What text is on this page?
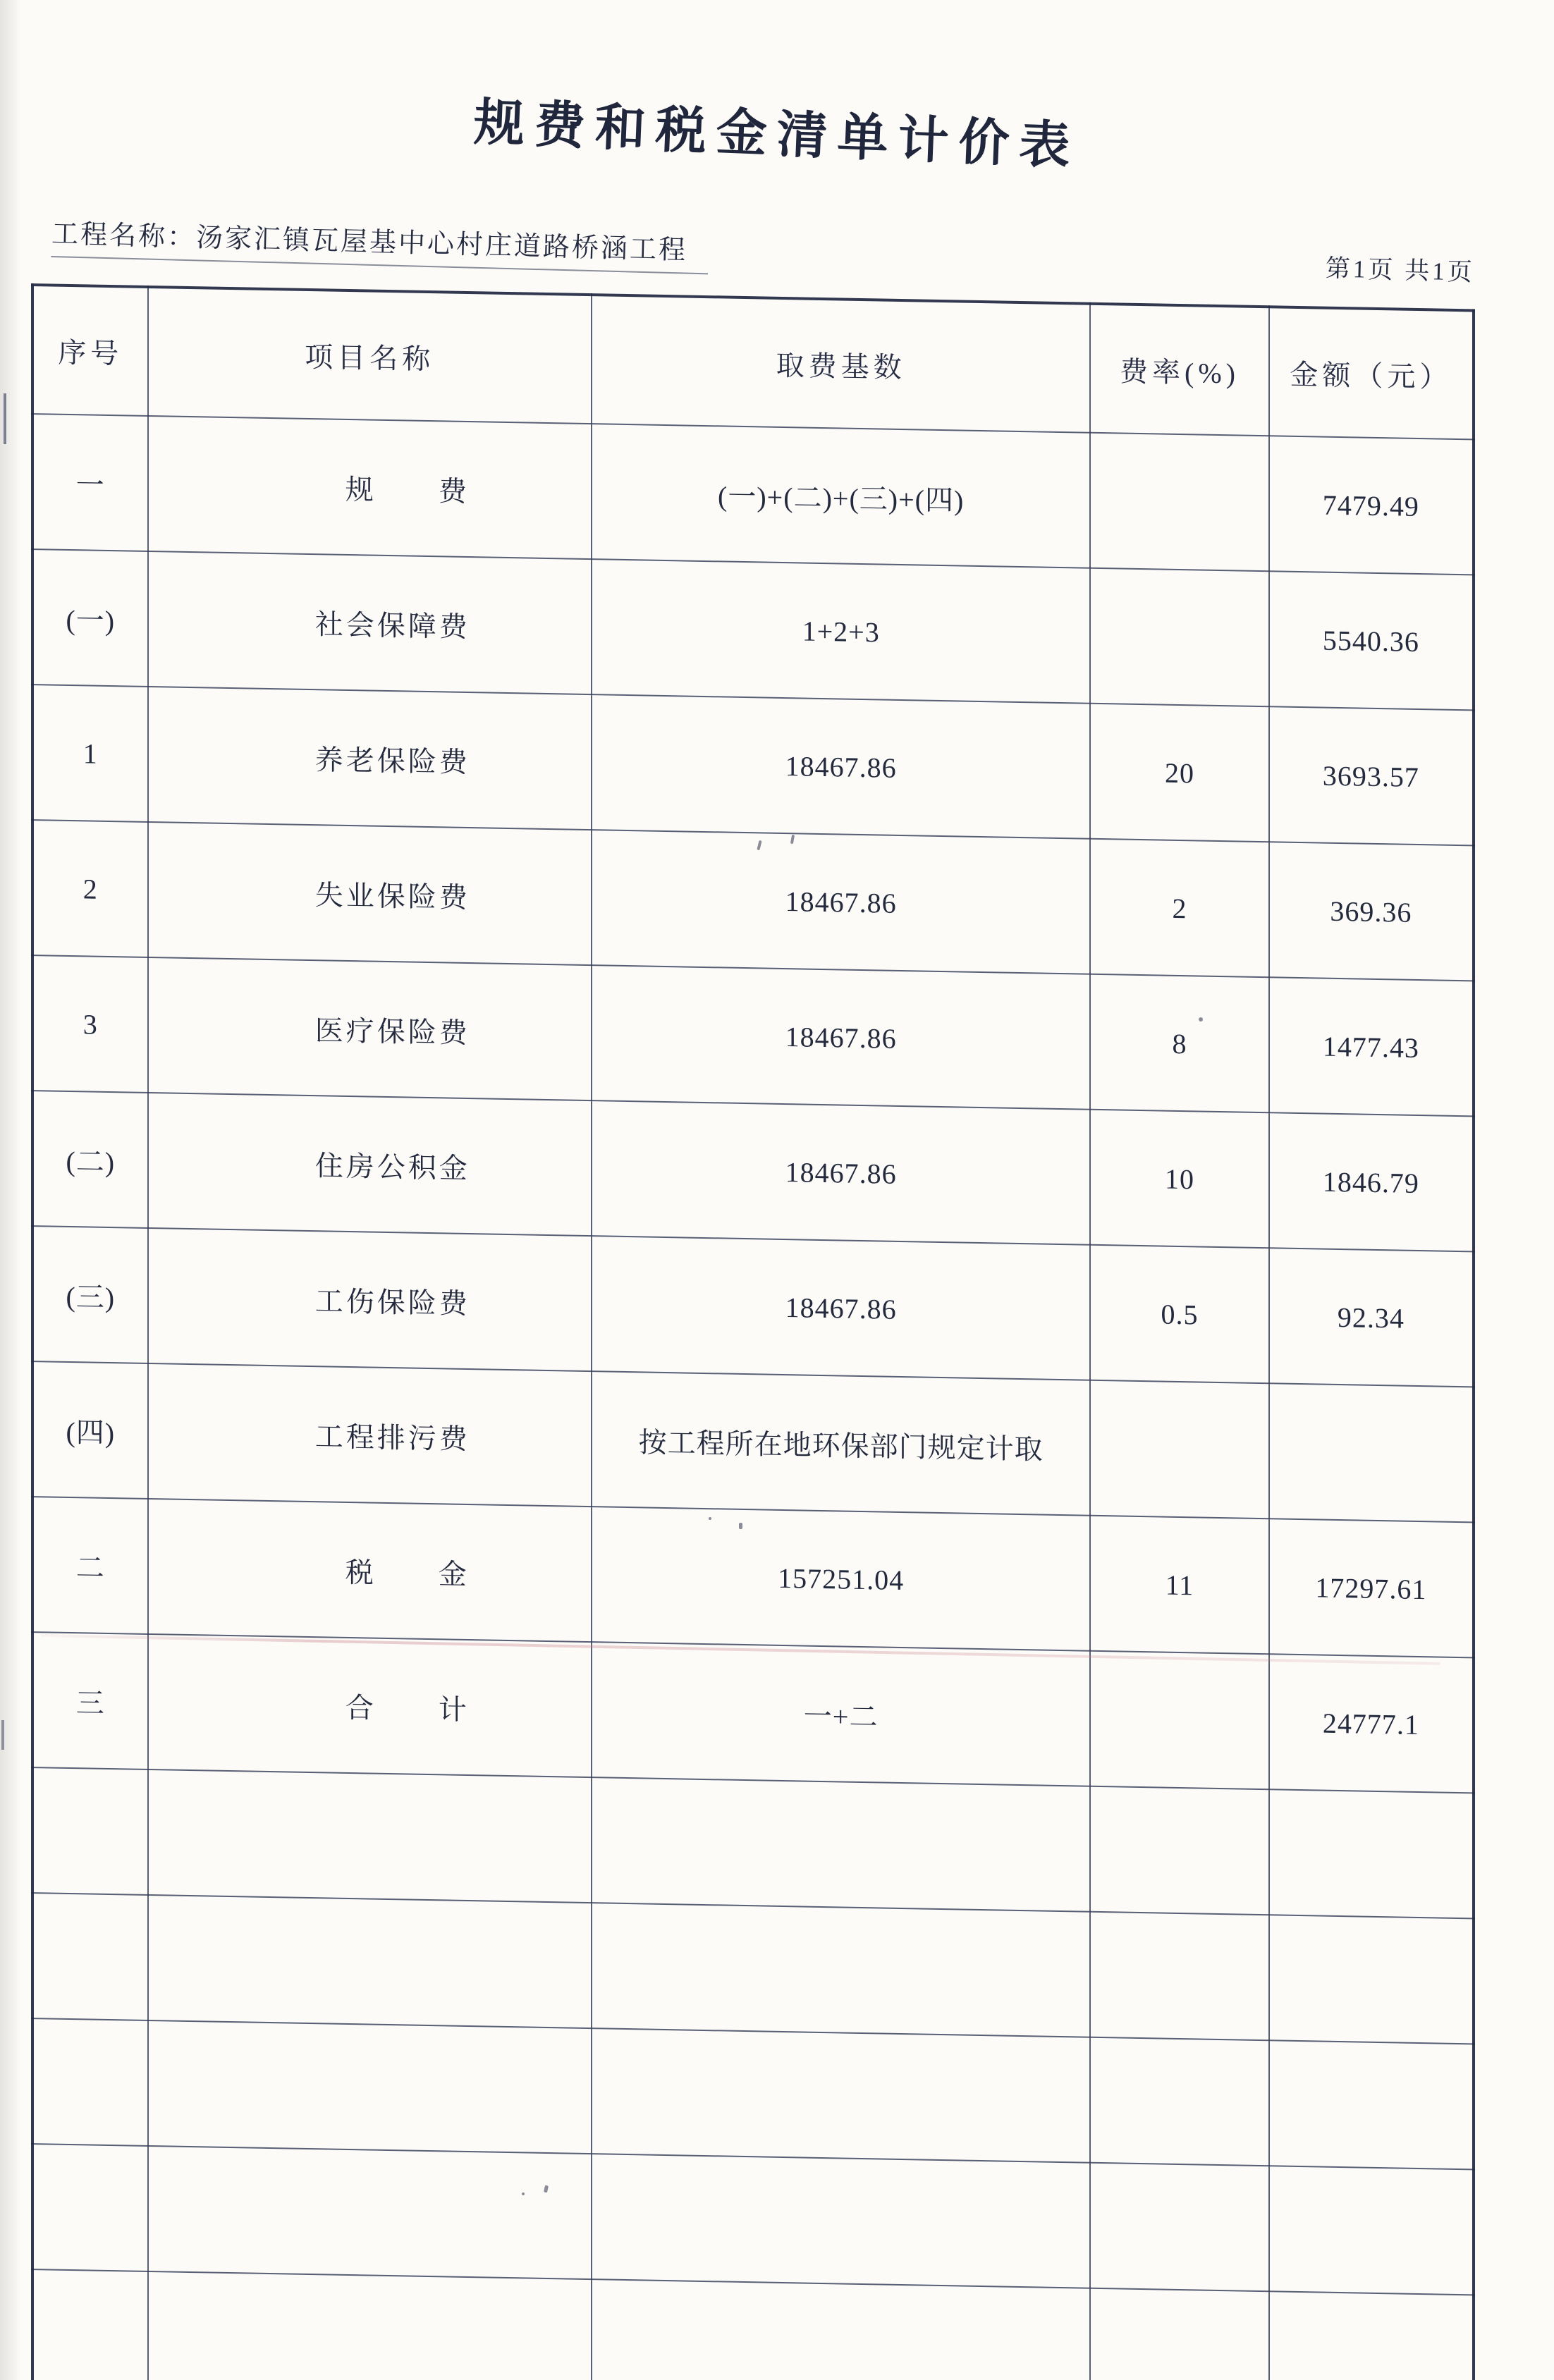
规费和税金清单计价表
工程名称：汤家汇镇瓦屋基中心村庄道路桥涵工程
第1页 共1页
序号	项目名称	取费基数	费率(%)	金额（元）
一	规　　费	(一)+(二)+(三)+(四)		7479.49
(一)	社会保障费	1+2+3		5540.36
1	养老保险费	18467.86	20	3693.57
2	失业保险费	18467.86	2	369.36
3	医疗保险费	18467.86	8	1477.43
(二)	住房公积金	18467.86	10	1846.79
(三)	工伤保险费	18467.86	0.5	92.34
(四)	工程排污费	按工程所在地环保部门规定计取		
二	税　　金	157251.04	11	17297.61
三	合　　计	一+二		24777.1
